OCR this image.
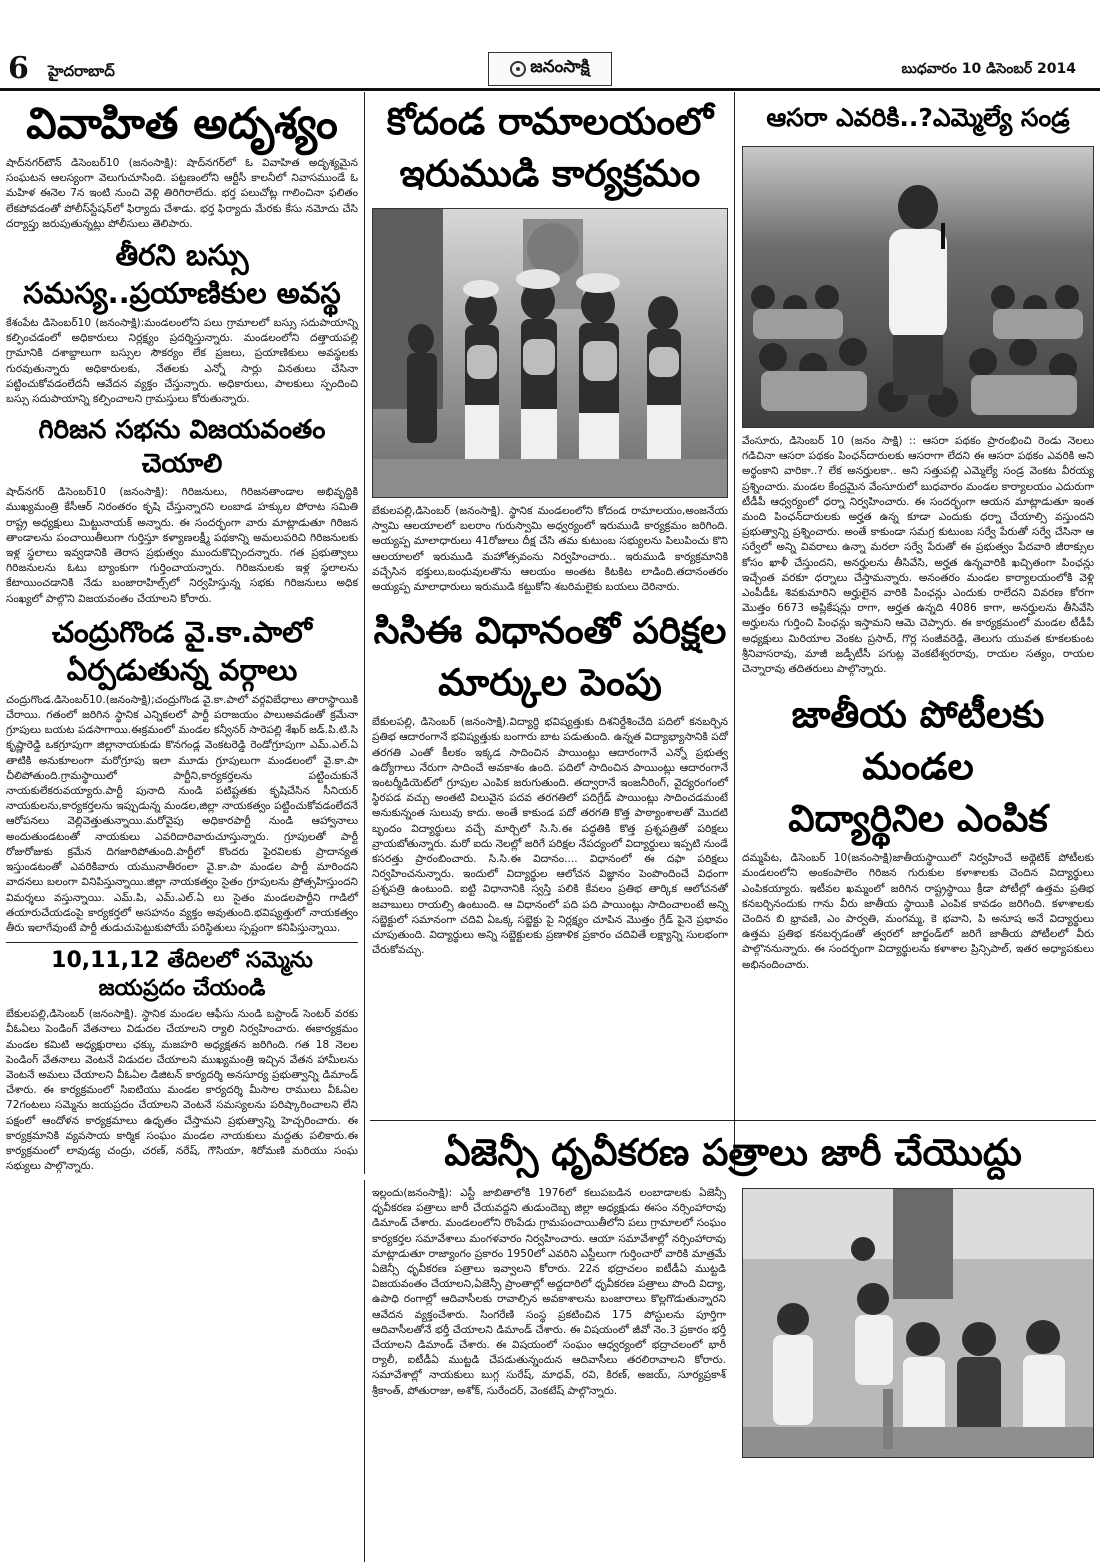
6 హైదరాబాద్	జనంసాక్షి	బుధవారం 10 డిసెంబర్ 2014
వివాహిత అదృశ్యం

షాద్‌నగర్‌టౌన్ డిసెంబర్10 (జనంసాక్షి): షాద్‌నగర్‌లో ఓ వివాహిత అదృశ్యమైన సంఘటన ఆలస్యంగా వెలుగుచూసింది. పట్టణంలోని ఆర్టీసీ కాలనీలో నివాసముండే ఓ మహిళ ఈనెల 7న ఇంటి నుంచి వెళ్లి తిరిగిరాలేదు. భర్త పలుచోట్ల గాలించినా ఫలితం లేకపోవడంతో పోలీస్‌స్టేషన్‌లో ఫిర్యాదు చేశాడు. భర్త ఫిర్యాదు మేరకు కేసు నమోదు చేసి దర్యాప్తు జరుపుతున్నట్లు పోలీసులు తెలిపారు.

తీరని బస్సు
సమస్య..ప్రయాణికుల అవస్థ

కేశంపేట డిసెంబర్10 (జనంసాక్షి):మండలంలోని పలు గ్రామాలలో బస్సు సదుపాయాన్ని కల్పించడంలో అధికారులు నిర్లక్ష్యం ప్రదర్శిస్తున్నారు. మండలంలోని దత్తాయపల్లి గ్రామానికి దశాబ్దాలుగా బస్సుల సౌకర్యం లేక ప్రజలు, ప్రయాణికులు అవస్థలకు గురవుతున్నారు అధికారులకు, నేతలకు ఎన్నో సార్లు వినతులు చేసినా పట్టించుకోవడంలేదనీ ఆవేదన వ్యక్తం చేస్తున్నారు. అధికారులు, పాలకులు స్పందించి బస్సు సదుపాయాన్ని కల్పించాలని గ్రామస్తులు కోరుతున్నారు.

గిరిజన సభను విజయవంతం చెయాలి

షాద్‌నగర్ డిసెంబర్10 (జనంసాక్షి): గిరిజనులు, గిరిజనతాండాల అభివృద్ధికి ముఖ్యమంత్రి కేసీఆర్ నిరంతరం కృషి చేస్తున్నారని లంబాడ హక్కుల పోరాట సమితి రాష్ట్ర అధ్యక్షులు మిట్టునాయక్ అన్నారు. ఈ సందర్భంగా వారు మాట్లాడుతూ గిరిజన తాండాలను పంచాయితీలుగా గుర్తిస్తూ కళ్యాణలక్ష్మీ పథకాన్ని అమలుపరిచి గిరిజనులకు ఇళ్ల స్థలాలు ఇవ్వడానికి తెరాస ప్రభుత్వం ముందుకొచ్చిందన్నారు. గత ప్రభుత్వాలు గిరిజనులను ఓటు బ్యాంకుగా గుర్తించాయన్నారు. గిరిజనులకు ఇళ్ల స్థలాలను కేటాయించడానికి నేడు బంజారాహిల్స్‌లో నిర్వహిస్తున్న సభకు గిరిజనులు అధిక సంఖ్యలో పాల్గొని విజయవంతం చేయాలని కోరారు.

చంద్రుగొండ వై.కా.పాలో
ఏర్పడుతున్న వర్గాలు

చంద్రుగొండ.డిసెంబర్10.(జనంసాక్షి);చంద్రుగొండ వై.కా.పాలో వర్గవిబేధాలు తారాస్థాయికి చేరాయి. గతంలో జరిగిన స్థానిక ఎన్నికలలో పార్టీ పరాజయం పాలుఅవడంతో క్రమేనా గ్రూపులు బయట పడసాగాయి.ఈక్రమంలో మండల కన్వీనర్ సారెపల్లి శేఖర్ జడ్.పి.టి.సి కృష్ణారెడ్డి ఒకగ్రూపుగా జిల్లానాయకుడు కొనగండ్ల వెంకటరెడ్డి రెండోగ్రూపుగా ఎమ్.ఎల్.ఏ తాటికి అనుకూలంగా మరోగ్రూపు ఇలా మూడు గ్రూపులుగా మండలంలో వై.కా.పా చీలిపోతుంది.గ్రామస్థాయిలో పార్టీని,కార్యకర్తలను పట్టించుకునే నాయకులేకరువయ్యారు.పార్టీ పునాది నుండి పటిష్టతకు కృషిచేసిన సీనియర్ నాయకులను,కార్యకర్తలను ఇప్పుడున్న మండల,జిల్లా నాయకత్వం పట్టించుకోవడంలేదనే ఆరోపనలు వెల్లివెత్తుతున్నాయి.మరోవైపు అధికారపార్టీ నుండి ఆహ్వానాలు అందుతుండటంతో నాయకులు ఎవరిదారివారుచూస్తున్నారు. గ్రూపులతో పార్టీ రోజురోజుకు క్రమేన దిగజారిపోతుంది.పార్టీలో కొందరు ఫైరవిలకు ప్రాదాన్యత ఇస్తుండటంతో ఎవరికివారు యమునాతీరంలా వై.కా.పా మండల పార్టీ మారిందని వాదనలు బలంగా వినిపిస్తున్నాయి.జిల్లా నాయకత్వం సైతం గ్రూపులను ప్రోత్సహిస్తుందని విమర్శలు వస్తున్నాయి. ఎమ్.పి, ఎమ్.ఎల్.ఏ లు సైతం మండలపార్టీని గాడిలో తయారుచేయడంపై కార్యకర్తలో అసహనం వ్యక్తం అవుతుంది.భవిష్యత్తులో నాయకత్వం తీరు ఇలాగేవుంటే పార్టీ తుడుచుపెట్టుకుపోయే పరిస్థితులు స్పష్టంగా కనిపిస్తున్నాయి.

10,11,12 తేదిలలో సమ్మెను
జయప్రదం చేయండి

బేకులపల్లి,డిసెంబర్ (జనంసాక్షి). స్థానిక మండల ఆఫీసు నుండి బస్టాండ్ సెంటర్ వరకు వీఓఏలు పెండింగ్ వేతనాలు విడుదల చేయాలని ర్యాలి నిర్వహించారు. ఈకార్యక్రమం మండల కమిటి అధ్యక్షురాలు ఛక్కు మజహరి అధ్యక్షతన జరిగింది. గత 18 నెలల పెండింగ్ వేతనాలు వెంటనే విడుదల చేయాలని ముఖ్యమంత్రి ఇచ్చిన వేతన హామీలను వెంటనే అమలు చేయాలని వీఓఏల డిజిటన్ కార్యదర్శి అనసూర్య ప్రభుత్వాన్ని డిమాండ్ చేశారు. ఈ కార్యక్రమంలో సిఐటియు మండల కార్యదర్శి మీసాల రాములు వీఓఏల 72గంటలు సమ్మెను జయప్రదం చేయాలని వెంటనే సమస్యలను పరిష్కారించాలని లేని పక్షంలో ఆందోళన కార్యక్రమాలు ఉధృతం చేస్తామని ప్రభుత్వాన్ని హెచ్చరించారు. ఈ కార్యక్రమానికి వ్యవసాయ కార్మిక సంఘం మండల నాయకులు మద్దతు పలికారు.ఈ కార్యక్రమంలో లావుడ్య చంద్రు, చరణ్, నరేష్, గౌసియా, శిరోమణి మరియు సంఘ సభ్యులు పాల్గొన్నారు.

కోదండ రామాలయంలో
ఇరుముడి కార్యక్రమం

బేకులపల్లి,డిసెంబర్ (జనంసాక్షి). స్థానిక మండలంలోని కోదండ రామాలయం,అంజనేయ స్వామి ఆలయాలలో బలరాం గురుస్వామి అధ్వర్యంలో ఇరుముడి కార్యక్రమం జరిగింది. అయ్యప్ప మాలాధారులు 41రోజులు దీక్ష చేసి తమ కుటుంబ సభ్యులను పిలుపించు కొని ఆలయాలలో ఇరుముడి మహోత్సవంను నిర్వహించారు.. ఇరుముడి కార్యక్రమానికి వచ్చేసిన భక్తులు,బంధువులతొను ఆలయం అంతట కిటకిట లాడింది.తదానంతరం అయ్యప్ప మాలాధారులు ఇరుముడి కట్టుకోని శబరిమలైకు బయలు దెరినారు.

సిసిఈ విధానంతో పరిక్షల
మార్కుల పెంపు

బేకులపల్లి, డిసెంబర్ (జనంసాక్షి).విద్యార్ధి భవిష్యత్తుకు దిశనిర్దేశించేది పదిలో కనబర్చిన ప్రతిభ ఆదారంగానే భవిష్యత్తుకు బంగారు బాట పడుతుంది. ఉన్నత విద్యాభ్యాసానికి పదో తరగతి ఎంతో కీలకం ఇక్కడ సాదించిన పాయింట్లు ఆదారంగానే ఎన్నో ప్రభుత్వ ఉద్యోగాలు నేరుగా సాదించే అవకాశం ఉంది. పదిలో సాదించిన పాయింట్లు ఆదారంగానే ఇంటర్మీడియెట్‌లో గ్రూపుల ఎంపిక జరుగుతుంది. తద్వారానే ఇంజనీరింగ్, వైద్యరంగంలో స్థిరపడ వచ్చు అంతటి విలువైన పదవ తరగతిలో పదిగ్రేడ్ పాయింట్లు సాదించడమంటే అనుకున్నంత సులువు కాదు. అంతే కాకుండ పదో తరగతి కొత్త పాఠ్యాంశాలతో మొదటి బృందం విద్యార్థులు వచ్చే మార్చిలో సి.సి.ఈ పద్ధతికి కొత్త ప్రశ్నపత్రితో పరిక్షలు వ్రాయబోతున్నారు. మరో ఐదు నెలల్లో జరిగే పరిక్షల నేపద్యంలో విద్యార్థులు ఇప్పటి నుండే కసరత్తు ప్రారంబించారు. సి.సి.ఈ విదానం.... విధానంలో ఈ దఫా పరిక్షలు నిర్వహించనున్నారు. ఇందులో విద్యార్థుల ఆలోచన విజ్ఞానం పెంపొందించే విధంగా ప్రశ్నపత్రి ఉంటుంది. ఐట్టి విధానానికి స్వస్తి పలికి కేవలం ప్రతిభ తార్కిక ఆలోచనతో జవాబులు రాయల్సి ఉంటుంది. ఆ విధానంలో పది పది పాయింట్లు సాదించాలంటే అన్ని సబ్జెక్టులో సమానంగా చదివి ఏఒక్క సబ్జెక్టు పై నిర్లక్ష్యం చూపిన మొత్తం గ్రేడ్ పైనె ప్రభావం చూపుతుంది. విద్యార్థులు అన్ని సబ్జెక్టులకు ప్రణాళిక ప్రకారం చదివితే లక్ష్యాన్ని సులభంగా చేరుకోవచ్చు.

ఆసరా ఎవరికి..?ఎమ్మెల్యే సండ్ర

వేంసూరు, డిసెంబర్ 10 (జనం సాక్షి) :: ఆసరా పథకం ప్రారంభించి రెండు నెలలు గడిచినా ఆసరా పథకం పింఛన్‌దారులకు ఆసరాగా లేదని ఈ ఆసరా పథకం ఎవరికి అని అర్థంకాని వారికా..? లేక అనర్హులకా.. అని సత్తుపల్లి ఎమ్మెల్యే సండ్ర వెంకట వీరయ్య ప్రశ్నించారు. మండల కేంద్రమైన వేంసూరులో బుధవారం మండల కార్యాలయం ఎదురుగా టీడీపీ ఆధ్వర్యంలో ధర్నా నిర్వహించారు. ఈ సందర్భంగా ఆయన మాట్లాడుతూ ఇంత మంది పింఛన్‌దారులకు అర్హత ఉన్న కూడా ఎందుకు ధర్నా చేయాల్సి వస్తుందని ప్రభుత్వాన్ని ప్రశ్నించారు. అంతే కాకుండా సమగ్ర కుటుంబ సర్వే పేరుతో సర్వే చేసినా ఆ సర్వేలో అన్ని వివరాలు ఉన్నా మరలా సర్వే పేరుతో ఈ ప్రభుత్వం పేదవారి జీరాక్సుల కోసం ఖాళీ చేస్తుందని, అనర్హులను తీసివేసి, అర్హత ఉన్నవారికి ఖచ్చితంగా పింఛన్లు ఇచ్చేంత వరకూ ధర్నాలు చేస్తామన్నారు. అనంతరం మండల కార్యాలయంలోకి వెళ్లి ఎంపీడీఓ శివకుమారిని అర్హులైన వారికి పింఛన్లు ఎందుకు రాలేదని వివరణ కోరగా మొత్తం 6673 అప్లికేషన్లు రాగా, అర్హత ఉన్నది 4086 కాగా, అనర్హులను తీసివేసి అర్హులను గుర్తించి పింఛన్లు ఇస్తామని ఆమె చెప్పారు. ఈ కార్యక్రమంలో మండల టీడీపీ అధ్యక్షులు మిరియాల వెంకట ప్రసాద్, గొర్ల సంజీవరెడ్డి, తెలుగు యువత కూకలకుంట శ్రీనివాసరావు, మాజీ జడ్పీటీసీ పగుట్ల వెంకటేశ్వరరావు, రాయల సత్యం, రాయల చెన్నారావు తదితరులు పాల్గొన్నారు.

జాతీయ పోటీలకు మండల
విద్యార్థినిల ఎంపిక

దమ్మపేట, డిసెంబర్ 10(జనంసాక్షి)జాతీయస్థాయిలో నిర్వహించే అథ్లెటిక్ పోటీలకు మండలంలోని అంకంపాలెం గిరిజన గురుకుల కళాశాలకు చెందిన విద్యార్థులు ఎంపికయ్యారు. ఇటీవల ఖమ్మంలో జరిగిన రాష్ట్రస్థాయి క్రీడా పోటీల్లో ఉత్తమ ప్రతిభ కనబర్చినందుకు గాను వీరు జాతీయ స్థాయికి ఎంపిక కావడం జరిగింది. కళాశాలకు చెందిన బి భ్రావణి, ఎం పార్వతి, మంగమ్మ, కె భవాని, పి అనూష అనే విద్యార్థులు ఉత్తమ ప్రతిభ కనబర్చడంతో త్వరలో జార్ఖండ్‌లో జరిగే జాతీయ పోటీలలో వీరు పాల్గొననున్నారు. ఈ సందర్భంగా విద్యార్థులను కళాశాల ప్రిన్సిపాల్, ఇతర అధ్యాపకులు అభినందించారు.

ఏజెన్సీ ధృవీకరణ పత్రాలు జారీ చేయొద్దు

ఇల్లందు(జనంసాక్షి): ఎస్టీ జాబితాలోకి 1976లో కలుపబడిన లంబాడాలకు ఏజెన్సీ ధృవీకరణ పత్రాలు జారీ చేయవద్దని తుడుందెబ్బ జిల్లా అధ్యక్షుడు ఈసం నర్సింహారావు డిమాండ్ చేశారు. మండలంలోని రొంపేడు గ్రామపంచాయితీలోని పలు గ్రామాలలో సంఘం కార్యకర్తల సమావేశాలు మంగళవారం నిర్వహించారు. ఆయా సమావేశాల్లో నర్సింహారావు మాట్లాడుతూ రాజ్యాంగం ప్రకారం 1950లో ఎవరిని ఎస్టీలుగా గుర్తించారో వారికి మాత్రమే ఏజెన్సీ ధృవీకరణ పత్రాలు ఇవ్వాలని కోరారు. 22న భద్రాచలం ఐటీడీఏ ముట్టడి విజయవంతం చేయాలని,ఏజెన్సీ ప్రాంతాల్లో అద్దదారిలో ధృవీకరణ పత్రాలు పొంది విద్యా, ఉపాధి రంగాల్లో ఆదివాసీలకు రావాల్సిన అవకాశాలను బంజారాలు కొల్లగొడుతున్నారని ఆవేదన వ్యక్తంచేశారు. సింగరేణి సంస్థ ప్రకటించిన 175 పోస్టులను పూర్తిగా ఆదివాసీలతోనే భర్తీ చేయాలని డిమాండ్ చేశారు. ఈ విషయంలో జీవో నెం.3 ప్రకారం భర్తీ చేయాలని డిమాండ్ చేశారు. ఈ విషయంలో సంఘం ఆధ్వర్యంలో భద్రాచలంలో భారీ ర్యాలీ, ఐటీడీఏ ముట్టడి చేపడుతున్నందున ఆదివాసీలు తరలిరావాలని కోరారు. సమావేశాల్లో నాయకులు బుగ్గ సురేష్, మాధవ్, రవి, కిరణ్, అజయ్, సూర్యప్రకాశ్ శ్రీకాంత్, పోతురాజు, అశోక్, సురేందర్, వెంకటేష్ పాల్గొన్నారు.
